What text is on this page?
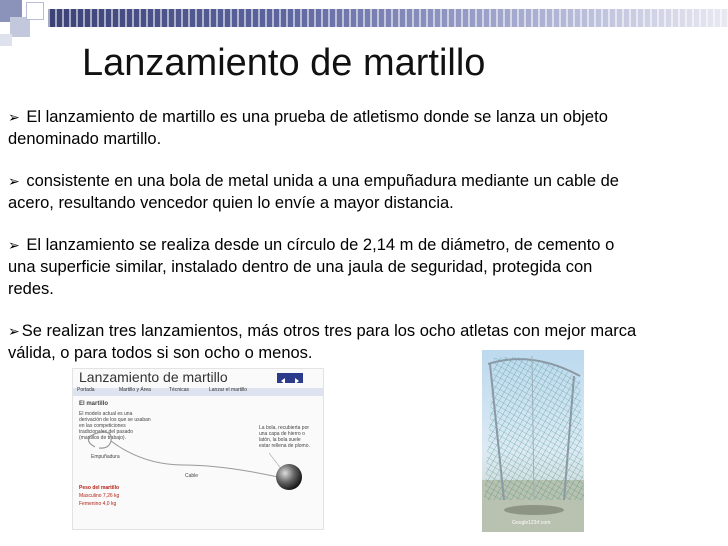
Lanzamiento de martillo

➢ El lanzamiento de martillo es una prueba de atletismo donde se lanza un objeto denominado martillo.

➢ consistente en una bola de metal unida a una empuñadura mediante un cable de acero, resultando vencedor quien lo envíe a mayor distancia.

➢ El lanzamiento se realiza desde un círculo de 2,14 m de diámetro, de cemento o una superficie similar, instalado dentro de una jaula de seguridad, protegida con redes.

➢ Se realizan tres lanzamientos, más otros tres para los ocho atletas con mejor marca válida, o para todos si son ocho o menos.

Lanzamiento de martillo
Portada	Martillo y Área	Técnicas	Lanzar el martillo
El martillo
El modelo actual es una derivación de los que se usaban en las competiciones tradicionales del pasado (martillos de trabajo).
La bola, recubierta por una capa de hierro o latón, la bola suele estar rellena de plomo.
Empuñadura
Cable
Peso del martillo
Masculino 7,26 kg
Femenino 4,0 kg
Google123rf.com
